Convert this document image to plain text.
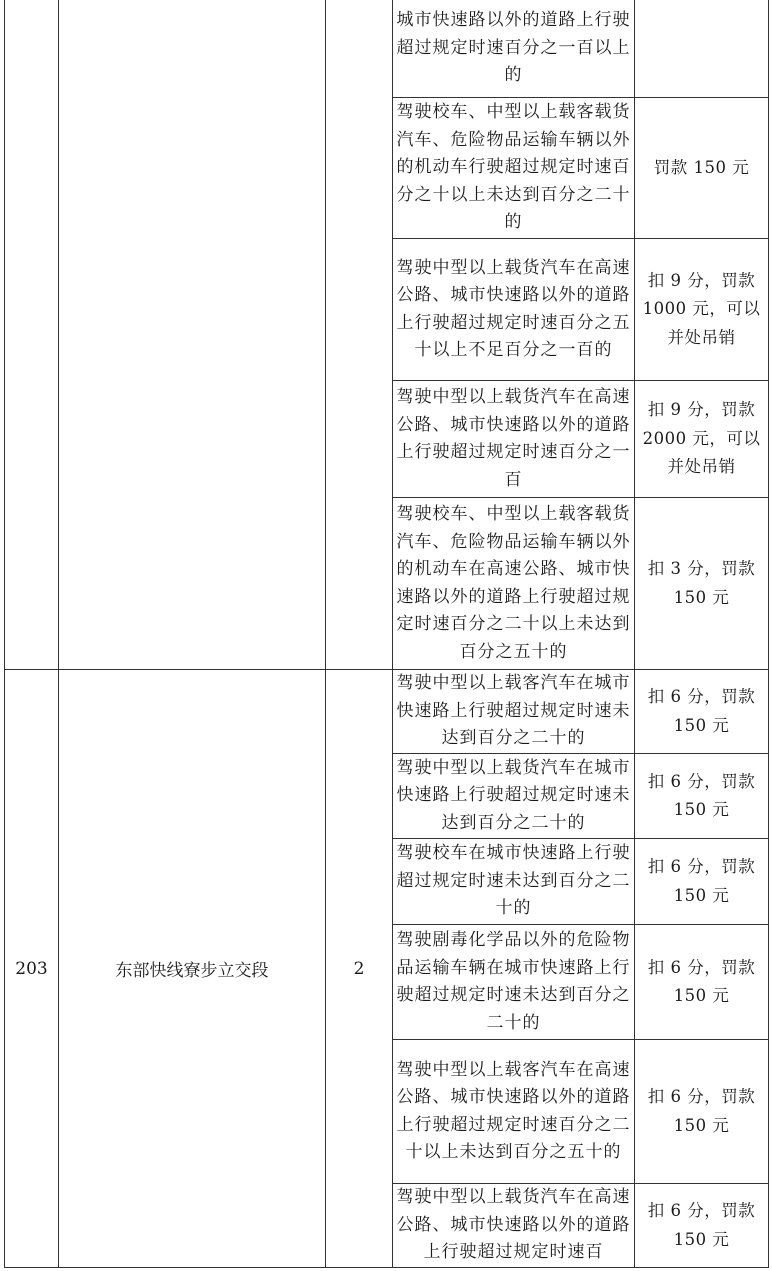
城市快速路以外的道路上行驶超过规定时速百分之一百以上的
驾驶校车、中型以上载客载货汽车、危险物品运输车辆以外的机动车行驶超过规定时速百分之十以上未达到百分之二十的
驾驶中型以上载货汽车在高速公路、城市快速路以外的道路上行驶超过规定时速百分之五十以上不足百分之一百的
驾驶中型以上载货汽车在高速公路、城市快速路以外的道路上行驶超过规定时速百分之一百
驾驶校车、中型以上载客载货汽车、危险物品运输车辆以外的机动车在高速公路、城市快速路以外的道路上行驶超过规定时速百分之二十以上未达到百分之五十的
罚款 150 元
扣 9 分，罚款 1000 元，可以并处吊销
扣 9 分，罚款 2000 元，可以并处吊销
扣 3 分，罚款 150 元
203	东部快线寮步立交段	2
驾驶中型以上载客汽车在城市快速路上行驶超过规定时速未达到百分之二十的
驾驶中型以上载货汽车在城市快速路上行驶超过规定时速未达到百分之二十的
驾驶校车在城市快速路上行驶超过规定时速未达到百分之二十的
驾驶剧毒化学品以外的危险物品运输车辆在城市快速路上行驶超过规定时速未达到百分之二十的
驾驶中型以上载客汽车在高速公路、城市快速路以外的道路上行驶超过规定时速百分之二十以上未达到百分之五十的
驾驶中型以上载货汽车在高速公路、城市快速路以外的道路上行驶超过规定时速百
扣 6 分，罚款 150 元
扣 6 分，罚款 150 元
扣 6 分，罚款 150 元
扣 6 分，罚款 150 元
扣 6 分，罚款 150 元
扣 6 分，罚款 150 元
